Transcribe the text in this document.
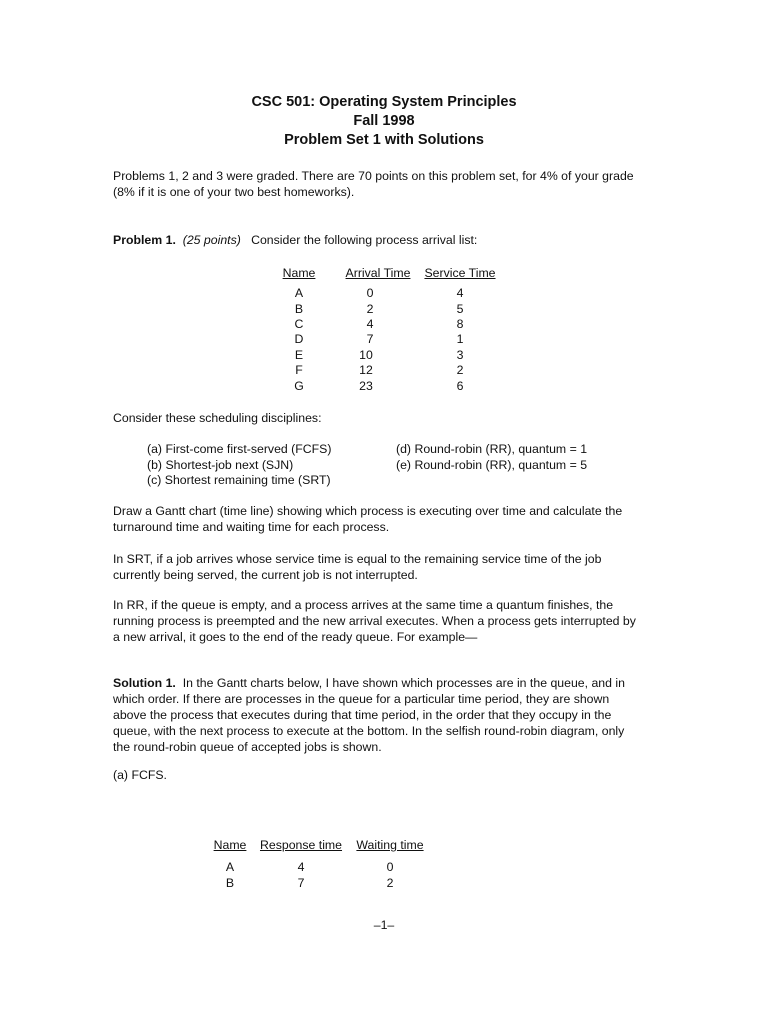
CSC 501: Operating System Principles
Fall 1998
Problem Set 1 with Solutions
Problems 1, 2 and 3 were graded. There are 70 points on this problem set, for 4% of your grade
(8% if it is one of your two best homeworks).
Problem 1. (25 points) Consider the following process arrival list:
Name	Arrival Time	Service Time
A	0	4
B	2	5
C	4	8
D	7	1
E	10	3
F	12	2
G	23	6
Consider these scheduling disciplines:
(a) First-come first-served (FCFS)
(b) Shortest-job next (SJN)
(c) Shortest remaining time (SRT)
(d) Round-robin (RR), quantum = 1
(e) Round-robin (RR), quantum = 5
Draw a Gantt chart (time line) showing which process is executing over time and calculate the
turnaround time and waiting time for each process.
In SRT, if a job arrives whose service time is equal to the remaining service time of the job
currently being served, the current job is not interrupted.
In RR, if the queue is empty, and a process arrives at the same time a quantum finishes, the
running process is preempted and the new arrival executes. When a process gets interrupted by
a new arrival, it goes to the end of the ready queue. For example—
Solution 1. In the Gantt charts below, I have shown which processes are in the queue, and in
which order. If there are processes in the queue for a particular time period, they are shown
above the process that executes during that time period, in the order that they occupy in the
queue, with the next process to execute at the bottom. In the selfish round-robin diagram, only
the round-robin queue of accepted jobs is shown.
(a) FCFS.
Name	Response time	Waiting time
A	4	0
B	7	2
–1–
